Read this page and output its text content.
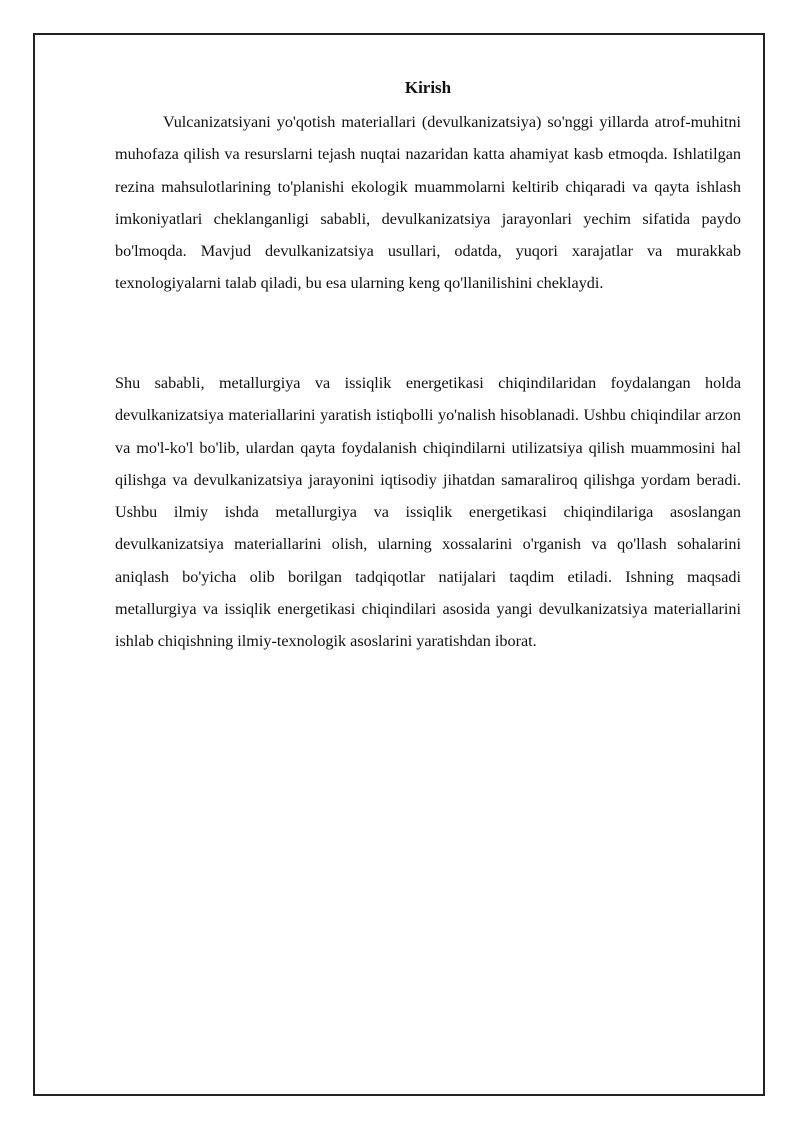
Kirish

Vulcanizatsiyani yo'qotish materiallari (devulkanizatsiya) so'nggi yillarda atrof-muhitni muhofaza qilish va resurslarni tejash nuqtai nazaridan katta ahamiyat kasb etmoqda. Ishlatilgan rezina mahsulotlarining to'planishi ekologik muammolarni keltirib chiqaradi va qayta ishlash imkoniyatlari cheklanganligi sababli, devulkanizatsiya jarayonlari yechim sifatida paydo bo'lmoqda. Mavjud devulkanizatsiya usullari, odatda, yuqori xarajatlar va murakkab texnologiyalarni talab qiladi, bu esa ularning keng qo'llanilishini cheklaydi.

Shu sababli, metallurgiya va issiqlik energetikasi chiqindilaridan foydalangan holda devulkanizatsiya materiallarini yaratish istiqbolli yo'nalish hisoblanadi. Ushbu chiqindilar arzon va mo'l-ko'l bo'lib, ulardan qayta foydalanish chiqindilarni utilizatsiya qilish muammosini hal qilishga va devulkanizatsiya jarayonini iqtisodiy jihatdan samaraliroq qilishga yordam beradi. Ushbu ilmiy ishda metallurgiya va issiqlik energetikasi chiqindilariga asoslangan devulkanizatsiya materiallarini olish, ularning xossalarini o'rganish va qo'llash sohalarini aniqlash bo'yicha olib borilgan tadqiqotlar natijalari taqdim etiladi. Ishning maqsadi metallurgiya va issiqlik energetikasi chiqindilari asosida yangi devulkanizatsiya materiallarini ishlab chiqishning ilmiy-texnologik asoslarini yaratishdan iborat.
